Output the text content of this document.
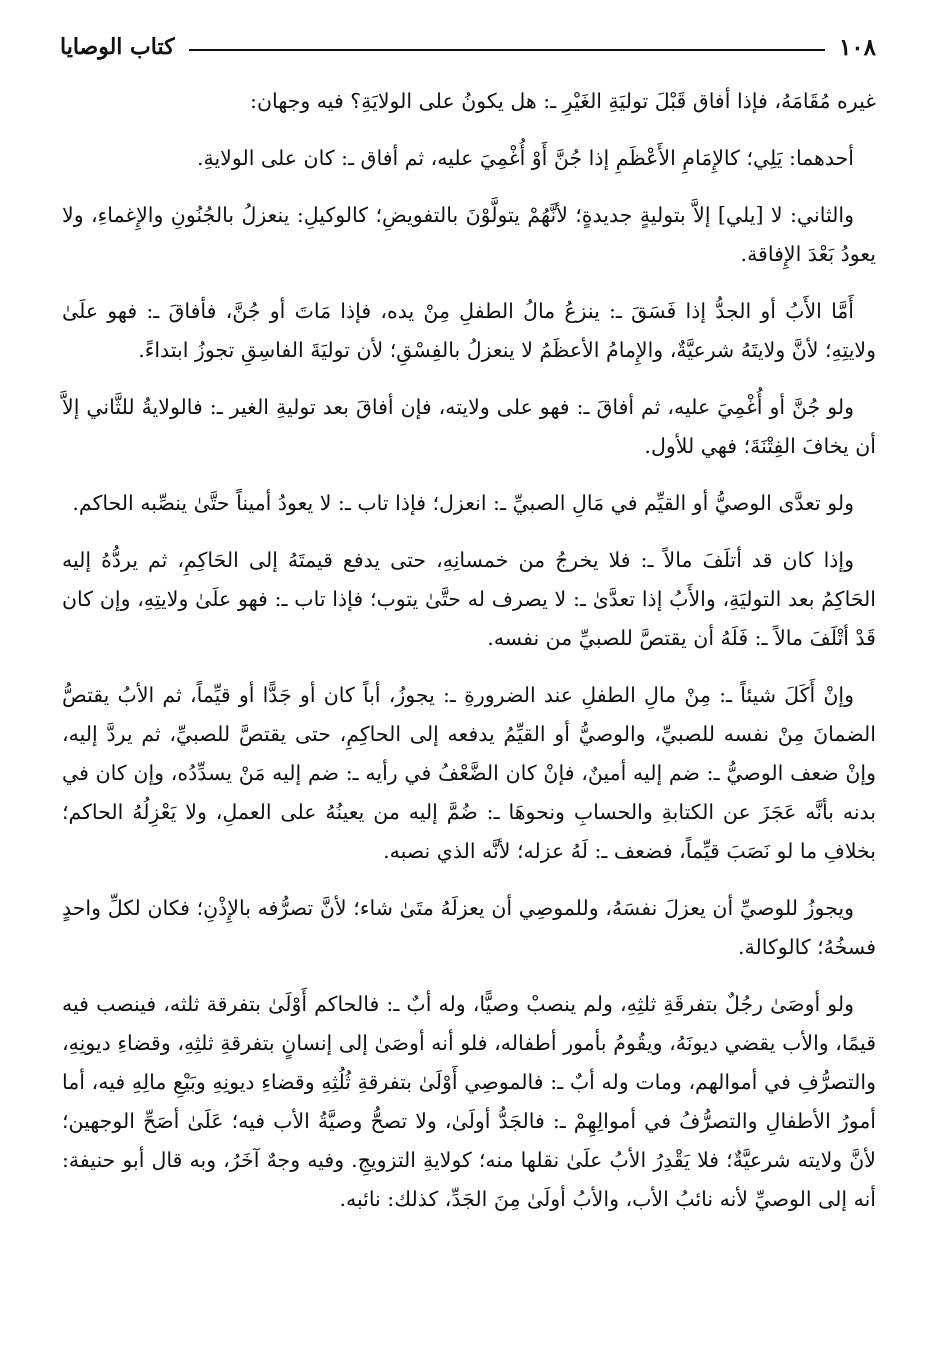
١٠٨
كتاب الوصايا

غيره مُقَامَهُ، فإذا أفاق قَبْلَ توليَةِ الغَيْرِ ـ: هل يكونُ على الولايَةِ؟ فيه وجهان:

أحدهما: يَلِي؛ كالإِمَامِ الأَعْظَمِ إذا جُنَّ أَوْ أُغْمِيَ عليه، ثم أفاق ـ: كان على الولايةِ.

والثاني: لا [يلي] إلاَّ بتوليةٍ جديدةٍ؛ لأنَّهُمْ يتولَّوْنَ بالتفويضِ؛ كالوكيلِ: ينعزلُ بالجُنُونِ والإِغماءِ، ولا يعودُ بَعْدَ الإِفاقة.

أَمَّا الأَبُ أو الجدُّ إذا فَسَقَ ـ: ينزعُ مالُ الطفلِ مِنْ يده، فإذا مَاتَ أو جُنَّ، فأفاقَ ـ: فهو علَىٰ ولايتِهِ؛ لأنَّ ولايتَهُ شرعيَّةٌ، والإِمامُ الأعظَمُ لا ينعزلُ بالفِسْقِ؛ لأن توليَةَ الفاسِقِ تجوزُ ابتداءً.

ولو جُنَّ أو أُغْمِيَ عليه، ثم أفاقَ ـ: فهو على ولايته، فإن أفاقَ بعد توليةِ الغير ـ: فالولايةُ للثَّاني إلاَّ أن يخافَ الفِتْنَةَ؛ فهي للأول.

ولو تعدَّى الوصيُّ أو القيِّم في مَالِ الصبيِّ ـ: انعزل؛ فإذا تاب ـ: لا يعودُ أميناً حتَّىٰ ينصِّبه الحاكم.

وإذا كان قد أتلَفَ مالاً ـ: فلا يخرجُ من خمسانِهِ، حتى يدفع قيمتَهُ إلى الحَاكِمِ، ثم يردُّهُ إليه الحَاكِمُ بعد التوليَةِ، والأَبُ إذا تعدَّىٰ ـ: لا يصرف له حتَّىٰ يتوب؛ فإذا تاب ـ: فهو علَىٰ ولايتِهِ، وإن كان قَدْ أتْلَفَ مالاً ـ: فَلَهُ أن يقتصَّ للصبيِّ من نفسه.

وإنْ أَكَلَ شيئاً ـ: مِنْ مالِ الطفلِ عند الضرورةِ ـ: يجوزُ، أباً كان أو جَدًّا أو قيِّماً، ثم الأبُ يقتصُّ الضمانَ مِنْ نفسه للصبيِّ، والوصيُّ أو القيِّمُ يدفعه إلى الحاكِمِ، حتى يقتصَّ للصبيِّ، ثم يردَّ إليه، وإنْ ضعف الوصيُّ ـ: ضم إليه أمينٌ، فإنْ كان الضَّعْفُ في رأيه ـ: ضم إليه مَنْ يسدِّدُه، وإن كان في بدنه بأنَّه عَجَزَ عن الكتابةِ والحسابِ ونحوهَا ـ: ضُمَّ إليه من يعينُهُ على العملِ، ولا يَعْزِلُهُ الحاكم؛ بخلافِ ما لو نَصَبَ قيِّماً، فضعف ـ: لَهُ عزله؛ لأنَّه الذي نصبه.

ويجوزُ للوصيِّ أن يعزلَ نفسَهُ، وللموصِي أن يعزلَهُ متَىٰ شاء؛ لأنَّ تصرُّفه بالإِذْنِ؛ فكان لكلِّ واحدٍ فسخُهُ؛ كالوكالة.

ولو أوصَىٰ رجُلٌ بتفرقَةِ ثلثِهِ، ولم ينصبْ وصيًّا، وله أبٌ ـ: فالحاكم أَوْلَىٰ بتفرقة ثلثه، فينصب فيه قيمًا، والأب يقضي ديونَهُ، ويقُومُ بأمور أطفاله، فلو أنه أوصَىٰ إلى إنسانٍ بتفرقةِ ثلثِهِ، وقضاءِ ديونِهِ، والتصرُّفِ في أموالهم، ومات وله أبٌ ـ: فالموصِي أَوْلَىٰ بتفرقةِ ثُلُثِهِ وقضاءِ ديونِهِ وبَيْعِ مالِهِ فيه، أما أمورُ الأطفالِ والتصرُّفُ في أموالِهِمْ ـ: فالجَدُّ أولَىٰ، ولا تصحُّ وصيَّةُ الأب فيه؛ عَلَىٰ أصَحِّ الوجهين؛ لأنَّ ولايته شرعيَّةٌ؛ فلا يَقْدِرُ الأبُ علَىٰ نقلها منه؛ كولايةِ التزويجِ. وفيه وجهٌ آخَرُ، وبه قال أبو حنيفة: أنه إلى الوصيِّ لأنه نائبُ الأب، والأبُ أولَىٰ مِنَ الجَدِّ، كذلك: نائبه.
